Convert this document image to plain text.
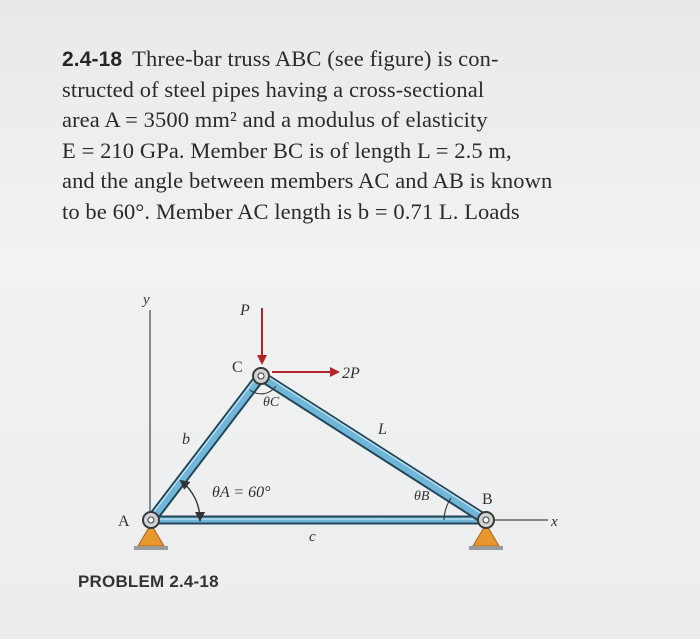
2.4-18 Three-bar truss ABC (see figure) is con-
structed of steel pipes having a cross-sectional
area A = 3500 mm² and a modulus of elasticity
E = 210 GPa. Member BC is of length L = 2.5 m,
and the angle between members AC and AB is known
to be 60°. Member AC length is b = 0.71 L. Loads
y
x
P
2P
A
B
C
b
L
c
θA = 60°	θB
θC
PROBLEM 2.4-18
